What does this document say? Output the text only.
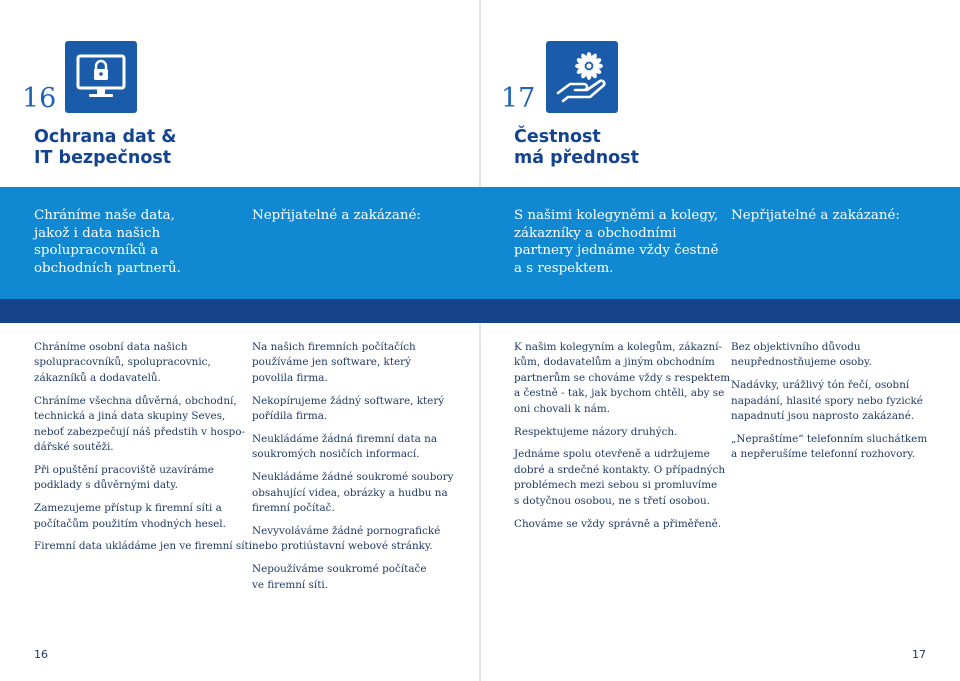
16
Ochrana dat &
IT bezpečnost
17
Čestnost
má přednost
Chráníme naše data,
jakož i data našich
spolupracovníků a
obchodních partnerů.
Nepřijatelné a zakázané:	S našimi kolegyněmi a kolegy,
zákazníky a obchodními
partnery jednáme vždy čestně
a s respektem.
Nepřijatelné a zakázané:

Chráníme osobní data našich
spolupracovníků, spolupracovnic,
zákazníků a dodavatelů.

Chráníme všechna důvěrná, obchodní,
technická a jiná data skupiny Seves,
neboť zabezpečují náš předstih v hospo-
dářské soutěži.

Při opuštění pracoviště uzavíráme
podklady s důvěrnými daty.

Zamezujeme přístup k firemní síti a
počítačům použitím vhodných hesel.

Firemní data ukládáme jen ve firemní síti.

Na našich firemních počítačích
používáme jen software, který
povolila firma.

Nekopírujeme žádný software, který
pořídila firma.

Neukládáme žádná firemní data na
soukromých nosičích informací.

Neukládáme žádné soukromé soubory
obsahující videa, obrázky a hudbu na
firemní počítač.

Nevyvoláváme žádné pornografické
nebo protiústavní webové stránky.

Nepoužíváme soukromé počítače
ve firemní síti.

K našim kolegyním a kolegům, zákazní-
kům, dodavatelům a jiným obchodním
partnerům se chováme vždy s respektem
a čestně - tak, jak bychom chtěli, aby se
oni chovali k nám.

Respektujeme názory druhých.

Jednáme spolu otevřeně a udržujeme
dobré a srdečné kontakty. O případných
problémech mezi sebou si promluvíme
s dotyčnou osobou, ne s třetí osobou.

Chováme se vždy správně a přiměřeně.

Bez objektivního důvodu
neupřednostňujeme osoby.

Nadávky, urážlivý tón řečí, osobní
napadání, hlasité spory nebo fyzické
napadnutí jsou naprosto zakázané.

„Nepraštíme“ telefonním sluchátkem
a nepřerušíme telefonní rozhovory.

16	17
